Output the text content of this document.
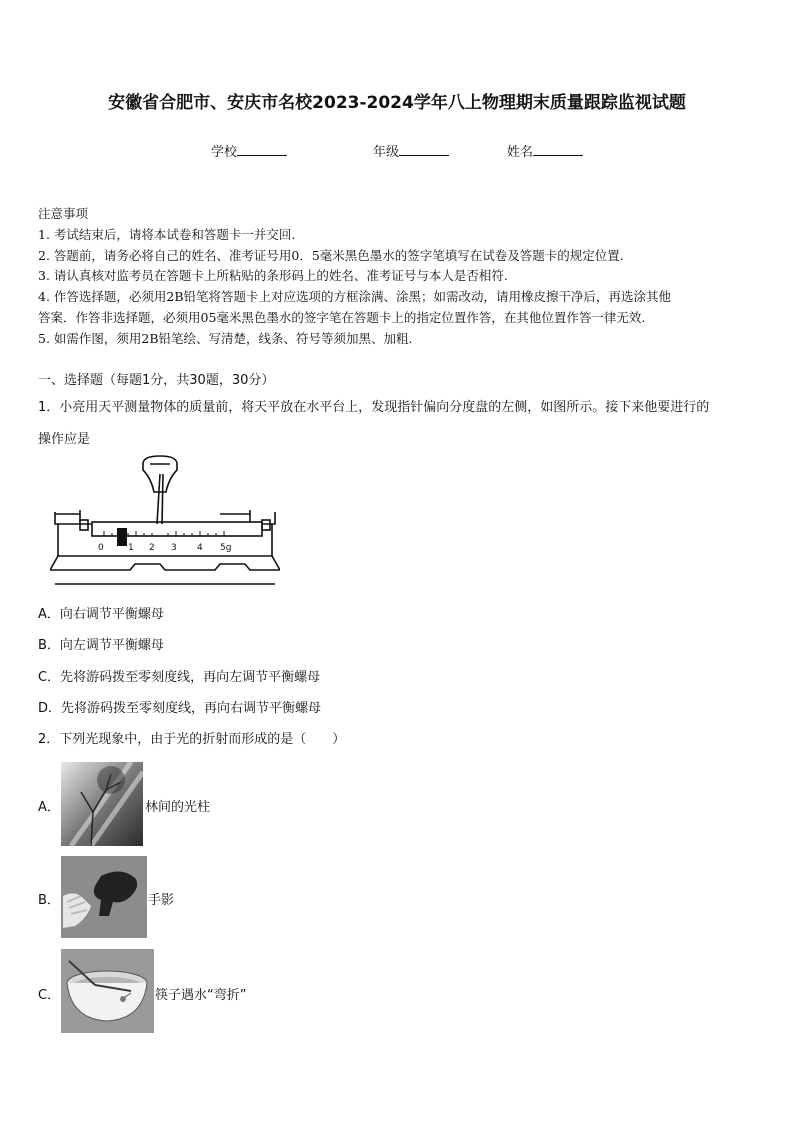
安徽省合肥市、安庆市名校2023-2024学年八上物理期末质量跟踪监视试题
学校	年级	姓名
注意事项
1. 考试结束后，请将本试卷和答题卡一并交回.
2. 答题前，请务必将自己的姓名、准考证号用0．5毫米黑色墨水的签字笔填写在试卷及答题卡的规定位置.
3. 请认真核对监考员在答题卡上所粘贴的条形码上的姓名、准考证号与本人是否相符.
4. 作答选择题，必须用2B铅笔将答题卡上对应选项的方框涂满、涂黑；如需改动，请用橡皮擦干净后，再选涂其他
答案．作答非选择题，必须用05毫米黑色墨水的签字笔在答题卡上的指定位置作答，在其他位置作答一律无效.
5. 如需作图，须用2B铅笔绘、写清楚，线条、符号等须加黑、加粗.
一、选择题（每题1分，共30题，30分）
1．小亮用天平测量物体的质量前，将天平放在水平台上，发现指针偏向分度盘的左侧，如图所示。接下来他要进行的
操作应是
0	1 2 3 4 5g
A．向右调节平衡螺母
B．向左调节平衡螺母
C．先将游码拨至零刻度线，再向左调节平衡螺母
D．先将游码拨至零刻度线，再向右调节平衡螺母
2．下列光现象中，由于光的折射而形成的是（　　）
A．	林间的光柱
B．	手影
C．	筷子遇水“弯折”
